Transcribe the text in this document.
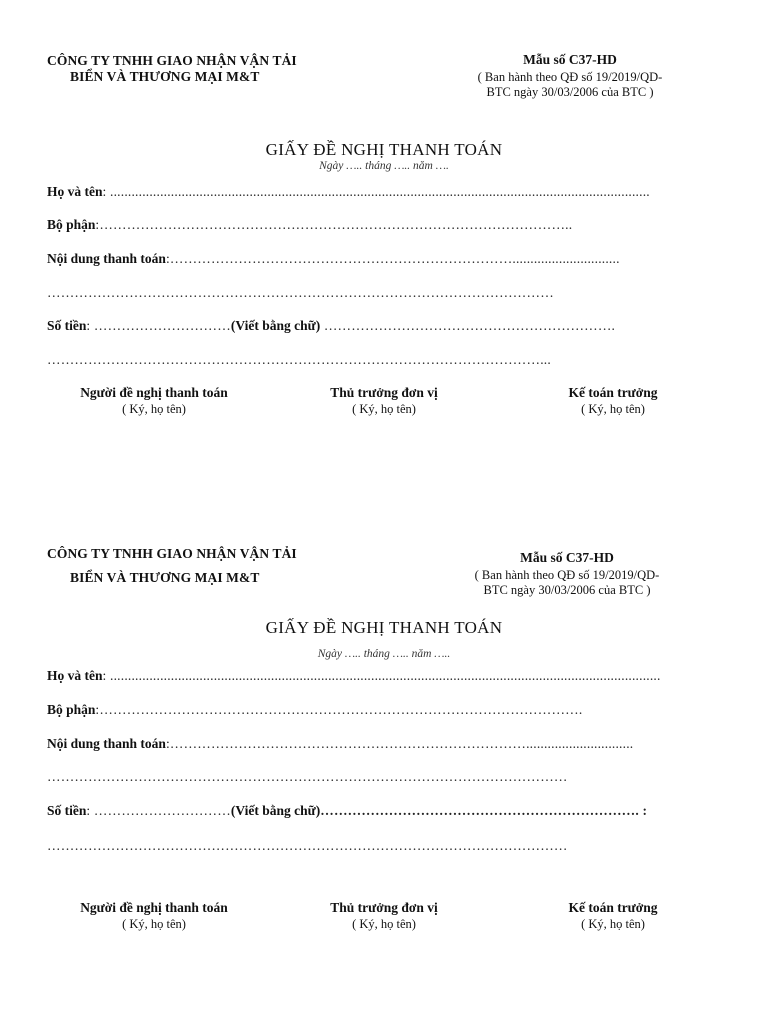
CÔNG TY TNHH GIAO NHẬN VẬN TẢI
BIỂN VÀ THƯƠNG MẠI M&T
Mẫu số C37-HD
( Ban hành theo QĐ số 19/2019/QD-
BTC ngày 30/03/2006 của BTC )
GIẤY ĐỀ NGHỊ THANH TOÁN
Ngày ….. tháng ….. năm ….
Họ và tên: .......................................................................................................................................................
Bộ phận:…………………………………………………………………………………………..
Nội dung thanh toán:…………………………………………………………………..............................
…………………………………………………………………………………………………
Số tiền: …………………………(Viết bằng chữ) ……………………………………………………….
………………………………………………………………………………………………...
Người đề nghị thanh toán
( Ký, họ tên)
Thủ trưởng đơn vị
( Ký, họ tên)
Kế toán trưởng
( Ký, họ tên)
CÔNG TY TNHH GIAO NHẬN VẬN TẢI
BIỂN VÀ THƯƠNG MẠI M&T
Mẫu số C37-HD
( Ban hành theo QĐ số 19/2019/QD-
BTC ngày 30/03/2006 của BTC )
GIẤY ĐỀ NGHỊ THANH TOÁN
Ngày ….. tháng ….. năm …..
Họ và tên: ..........................................................................................................................................................
Bộ phận:…………………………………………………………………………………………….
Nội dung thanh toán:……………………………………………………………………..............................
……………………………………………………………………………………………………
Số tiền: …………………………(Viết bằng chữ)……………………………………………………………. :
……………………………………………………………………………………………………
Người đề nghị thanh toán
( Ký, họ tên)
Thủ trưởng đơn vị
( Ký, họ tên)
Kế toán trưởng
( Ký, họ tên)
